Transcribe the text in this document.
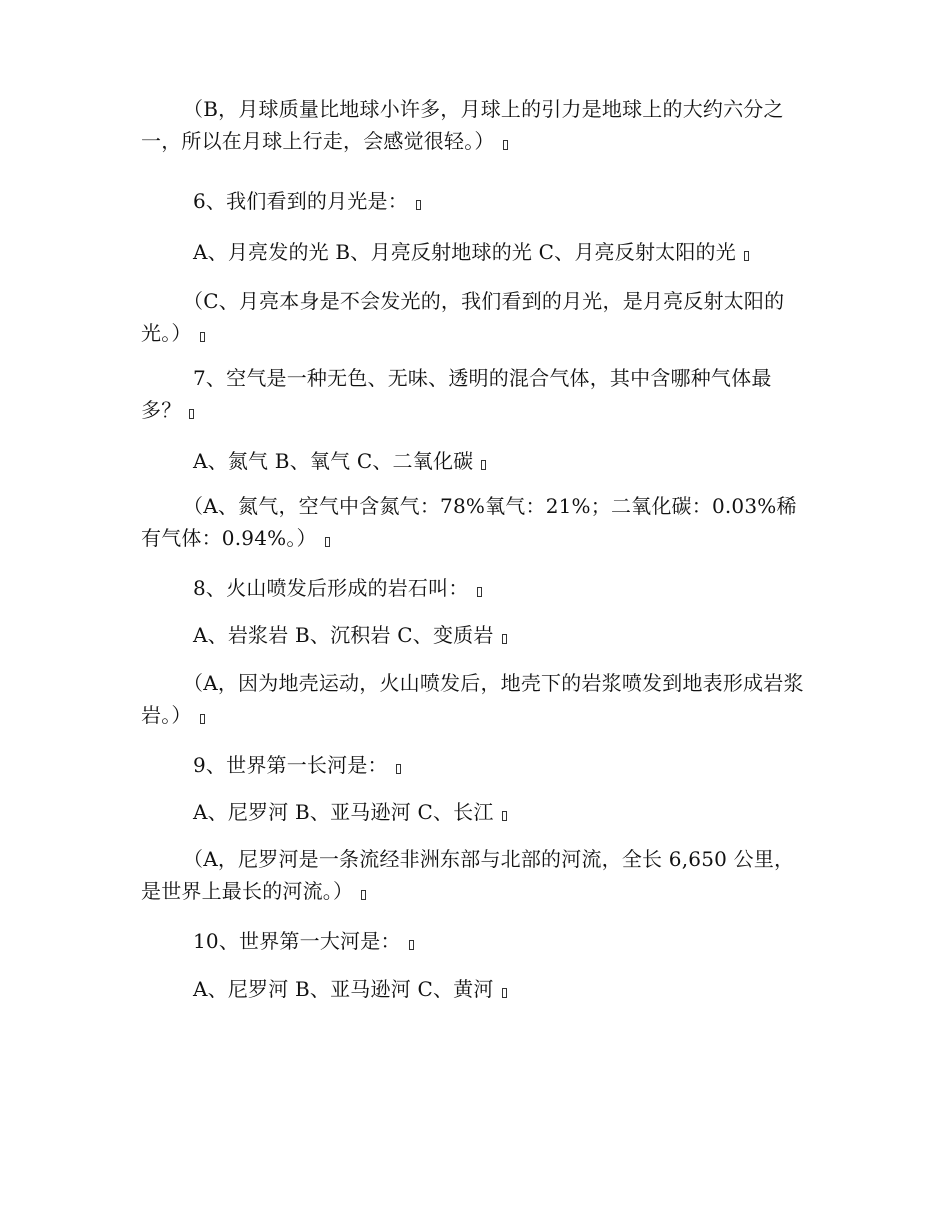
（B，月球质量比地球小许多，月球上的引力是地球上的大约六分之一，所以在月球上行走，会感觉很轻。）

6、我们看到的月光是：

A、月亮发的光 B、月亮反射地球的光 C、月亮反射太阳的光

（C、月亮本身是不会发光的，我们看到的月光，是月亮反射太阳的光。）

7、空气是一种无色、无味、透明的混合气体，其中含哪种气体最多？

A、氮气 B、氧气 C、二氧化碳

（A、氮气，空气中含氮气：78%氧气：21%；二氧化碳：0.03%稀有气体：0.94%。）

8、火山喷发后形成的岩石叫：

A、岩浆岩 B、沉积岩 C、变质岩

（A，因为地壳运动，火山喷发后，地壳下的岩浆喷发到地表形成岩浆岩。）

9、世界第一长河是：

A、尼罗河 B、亚马逊河 C、长江

（A，尼罗河是一条流经非洲东部与北部的河流，全长 6,650 公里，是世界上最长的河流。）

10、世界第一大河是：

A、尼罗河 B、亚马逊河 C、黄河
